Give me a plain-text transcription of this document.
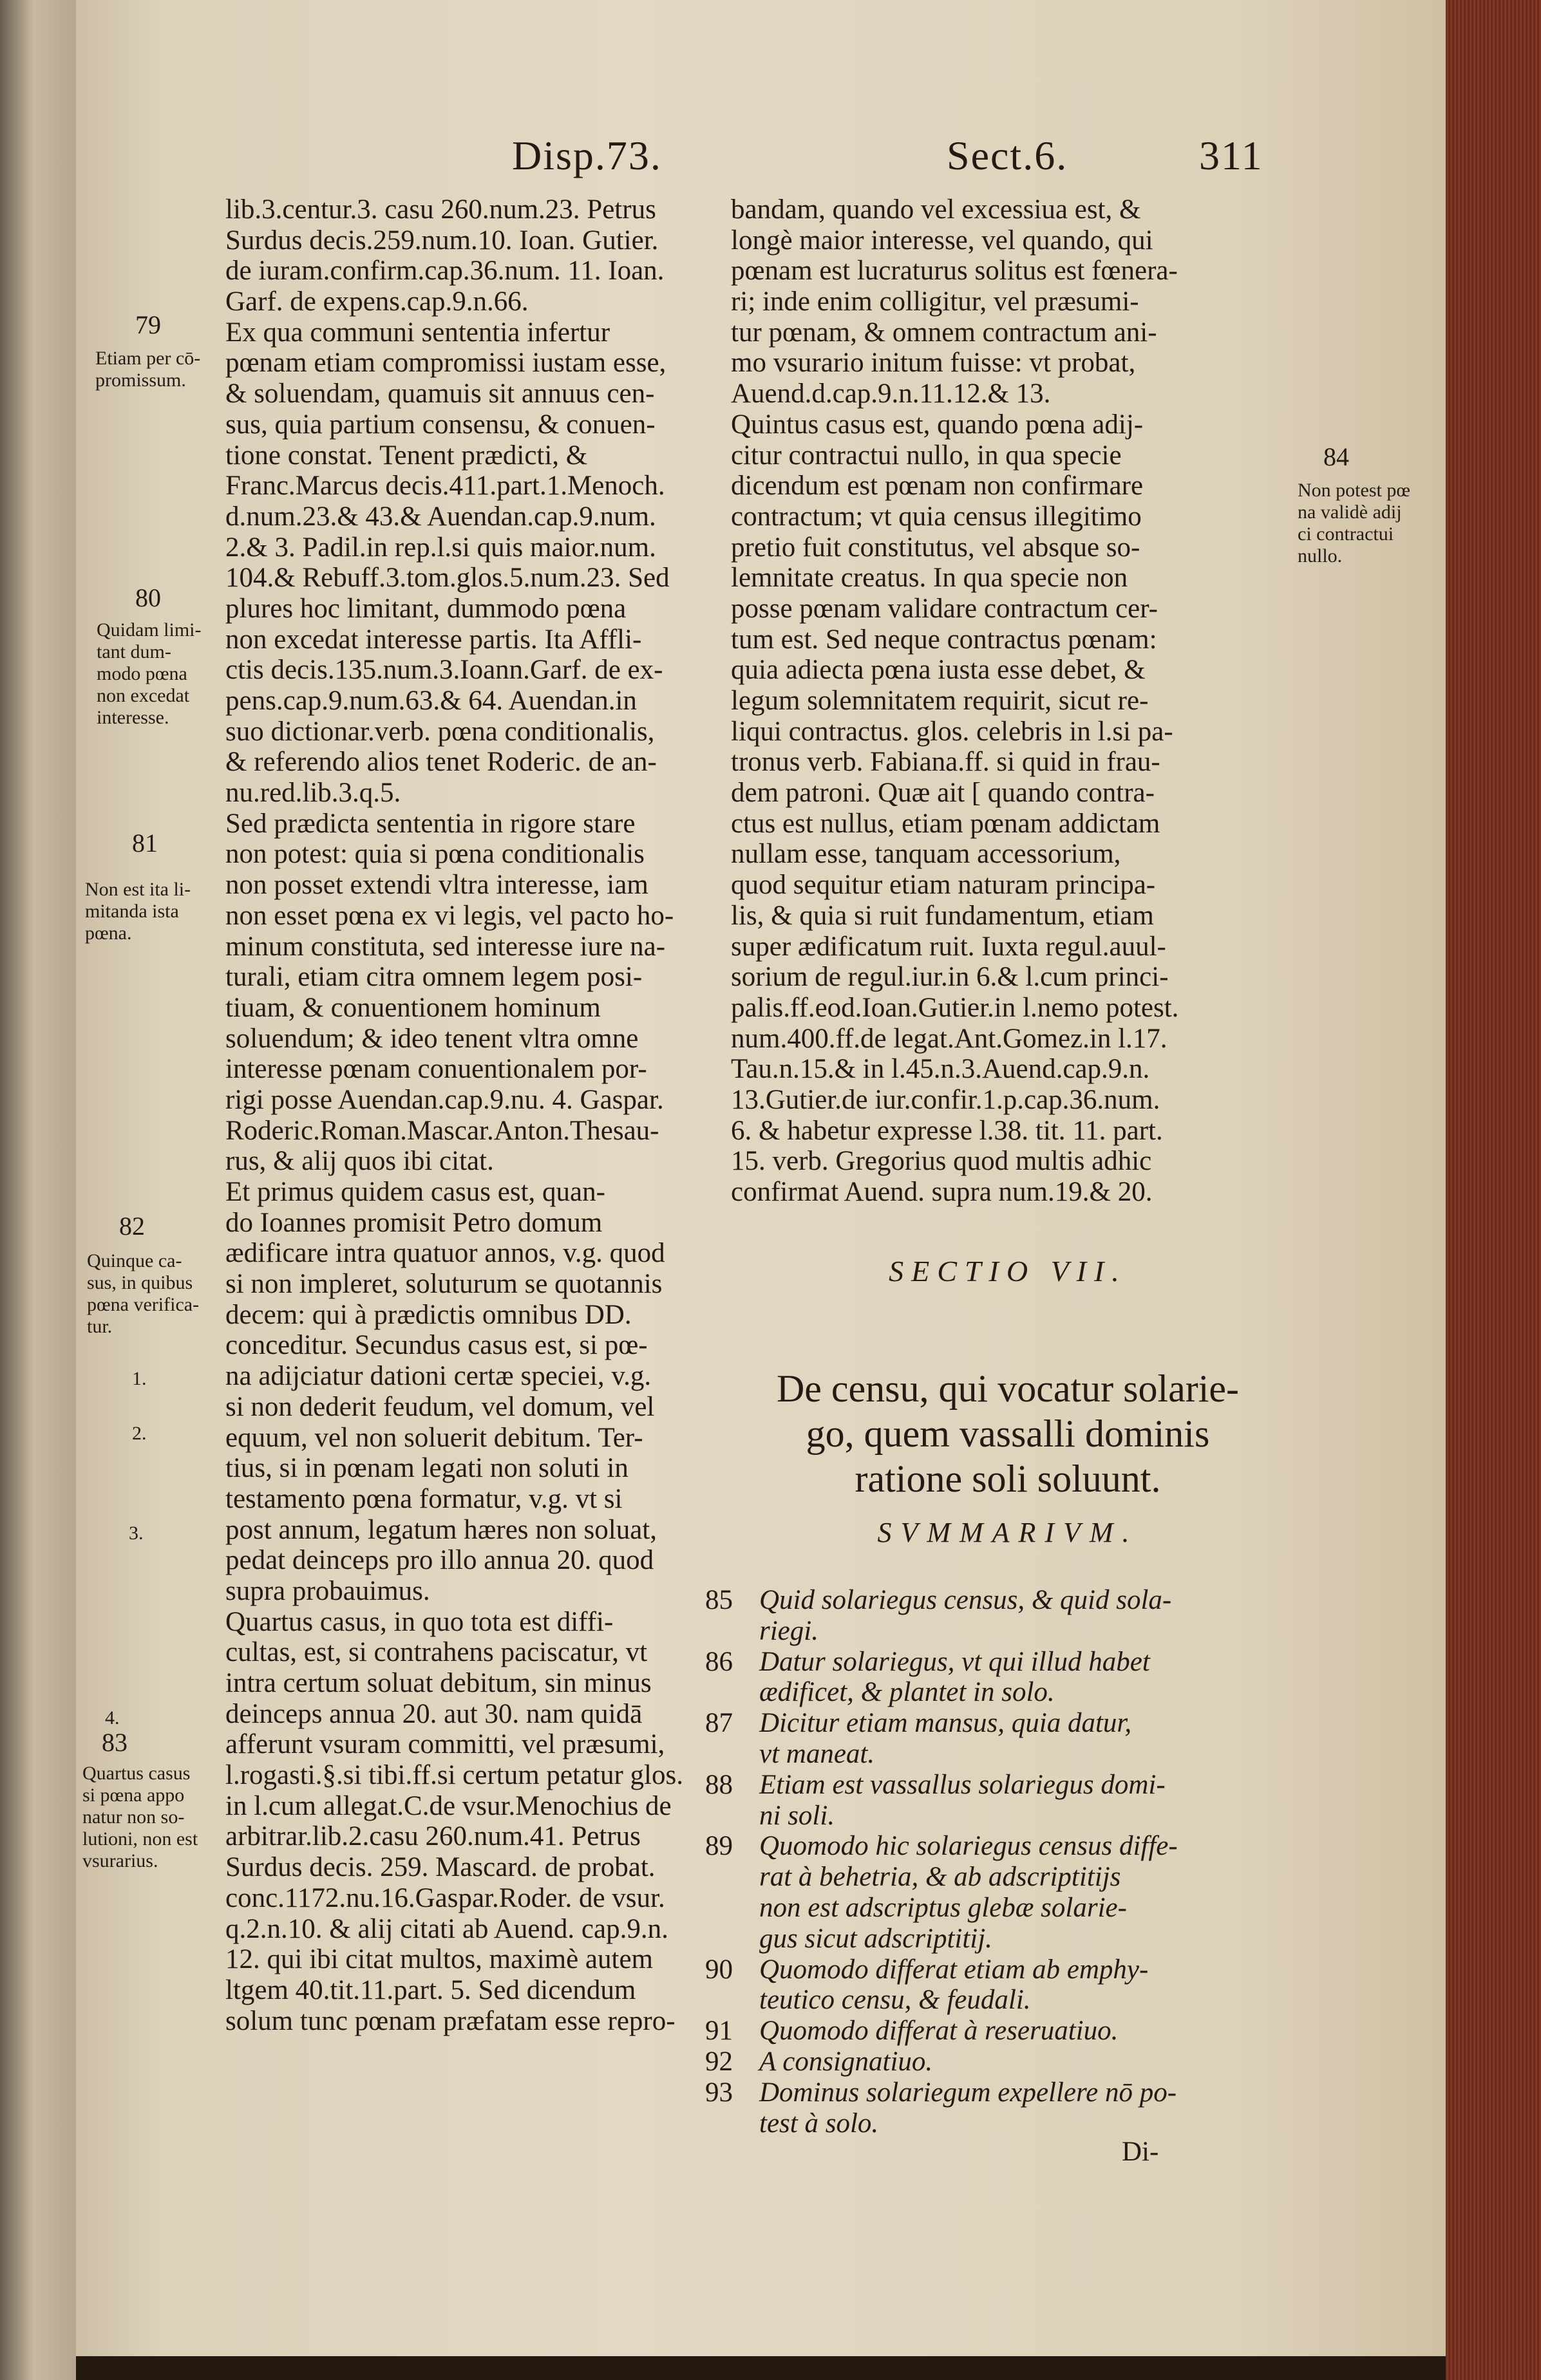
Disp.73.	Sect.6.	311
lib.3.centur.3. casu 260.num.23. Petrus
Surdus decis.259.num.10. Ioan. Gutier.
de iuram.confirm.cap.36.num. 11. Ioan.
Garf. de expens.cap.9.n.66.
Ex qua communi sententia infertur
pœnam etiam compromissi iustam esse,
& soluendam, quamuis sit annuus cen-
sus, quia partium consensu, & conuen-
tione constat. Tenent prædicti, &
Franc.Marcus decis.411.part.1.Menoch.
d.num.23.& 43.& Auendan.cap.9.num.
2.& 3. Padil.in rep.l.si quis maior.num.
104.& Rebuff.3.tom.glos.5.num.23. Sed
plures hoc limitant, dummodo pœna
non excedat interesse partis. Ita Affli-
ctis decis.135.num.3.Ioann.Garf. de ex-
pens.cap.9.num.63.& 64. Auendan.in
suo dictionar.verb. pœna conditionalis,
& referendo alios tenet Roderic. de an-
nu.red.lib.3.q.5.
Sed prædicta sententia in rigore stare
non potest: quia si pœna conditionalis
non posset extendi vltra interesse, iam
non esset pœna ex vi legis, vel pacto ho-
minum constituta, sed interesse iure na-
turali, etiam citra omnem legem posi-
tiuam, & conuentionem hominum
soluendum; & ideo tenent vltra omne
interesse pœnam conuentionalem por-
rigi posse Auendan.cap.9.nu. 4. Gaspar.
Roderic.Roman.Mascar.Anton.Thesau-
rus, & alij quos ibi citat.
Et primus quidem casus est, quan-
do Ioannes promisit Petro domum
ædificare intra quatuor annos, v.g. quod
si non impleret, soluturum se quotannis
decem: qui à prædictis omnibus DD.
conceditur. Secundus casus est, si pœ-
na adijciatur dationi certæ speciei, v.g.
si non dederit feudum, vel domum, vel
equum, vel non soluerit debitum. Ter-
tius, si in pœnam legati non soluti in
testamento pœna formatur, v.g. vt si
post annum, legatum hæres non soluat,
pedat deinceps pro illo annua 20. quod
supra probauimus.
Quartus casus, in quo tota est diffi-
cultas, est, si contrahens paciscatur, vt
intra certum soluat debitum, sin minus
deinceps annua 20. aut 30. nam quidā
afferunt vsuram committi, vel præsumi,
l.rogasti.§.si tibi.ff.si certum petatur glos.
in l.cum allegat.C.de vsur.Menochius de
arbitrar.lib.2.casu 260.num.41. Petrus
Surdus decis. 259. Mascard. de probat.
conc.1172.nu.16.Gaspar.Roder. de vsur.
q.2.n.10. & alij citati ab Auend. cap.9.n.
12. qui ibi citat multos, maximè autem
ltgem 40.tit.11.part. 5. Sed dicendum
solum tunc pœnam præfatam esse repro-
bandam, quando vel excessiua est, &
longè maior interesse, vel quando, qui
pœnam est lucraturus solitus est fœnera-
ri; inde enim colligitur, vel præsumi-
tur pœnam, & omnem contractum ani-
mo vsurario initum fuisse: vt probat,
Auend.d.cap.9.n.11.12.& 13.
Quintus casus est, quando pœna adij-
citur contractui nullo, in qua specie
dicendum est pœnam non confirmare
contractum; vt quia census illegitimo
pretio fuit constitutus, vel absque so-
lemnitate creatus. In qua specie non
posse pœnam validare contractum cer-
tum est. Sed neque contractus pœnam:
quia adiecta pœna iusta esse debet, &
legum solemnitatem requirit, sicut re-
liqui contractus. glos. celebris in l.si pa-
tronus verb. Fabiana.ff. si quid in frau-
dem patroni. Quæ ait [ quando contra-
ctus est nullus, etiam pœnam addictam
nullam esse, tanquam accessorium,
quod sequitur etiam naturam principa-
lis, & quia si ruit fundamentum, etiam
super ædificatum ruit. Iuxta regul.auul-
sorium de regul.iur.in 6.& l.cum princi-
palis.ff.eod.Ioan.Gutier.in l.nemo potest.
num.400.ff.de legat.Ant.Gomez.in l.17.
Tau.n.15.& in l.45.n.3.Auend.cap.9.n.
13.Gutier.de iur.confir.1.p.cap.36.num.
6. & habetur expresse l.38. tit. 11. part.
15. verb. Gregorius quod multis adhic
confirmat Auend. supra num.19.& 20.
SECTIO VII.
De censu, qui vocatur solarie-
go, quem vassalli dominis
ratione soli soluunt.
SVMMARIVM.
85 Quid solariegus census, & quid sola-
riegi.
86 Datur solariegus, vt qui illud habet
ædificet, & plantet in solo.
87 Dicitur etiam mansus, quia datur,
vt maneat.
88 Etiam est vassallus solariegus domi-
ni soli.
89 Quomodo hic solariegus census diffe-
rat à behetria, & ab adscriptitijs
non est adscriptus glebæ solarie-
gus sicut adscriptitij.
90 Quomodo differat etiam ab emphy-
teutico censu, & feudali.
91 Quomodo differat à reseruatiuo.
92 A consignatiuo.
93 Dominus solariegum expellere nō po-
test à solo.
Di-
79
Etiam per cō-
promissum.
80
Quidam limi-
tant dum-
modo pœna
non excedat
interesse.
81
Non est ita li-
mitanda ista
pœna.
82
Quinque ca-
sus, in quibus
pœna verifica-
tur.
1.
2.
3.
4.
83
Quartus casus
si pœna appo
natur non so-
lutioni, non est
vsurarius.
84
Non potest pœ
na validè adij
ci contractui
nullo.
